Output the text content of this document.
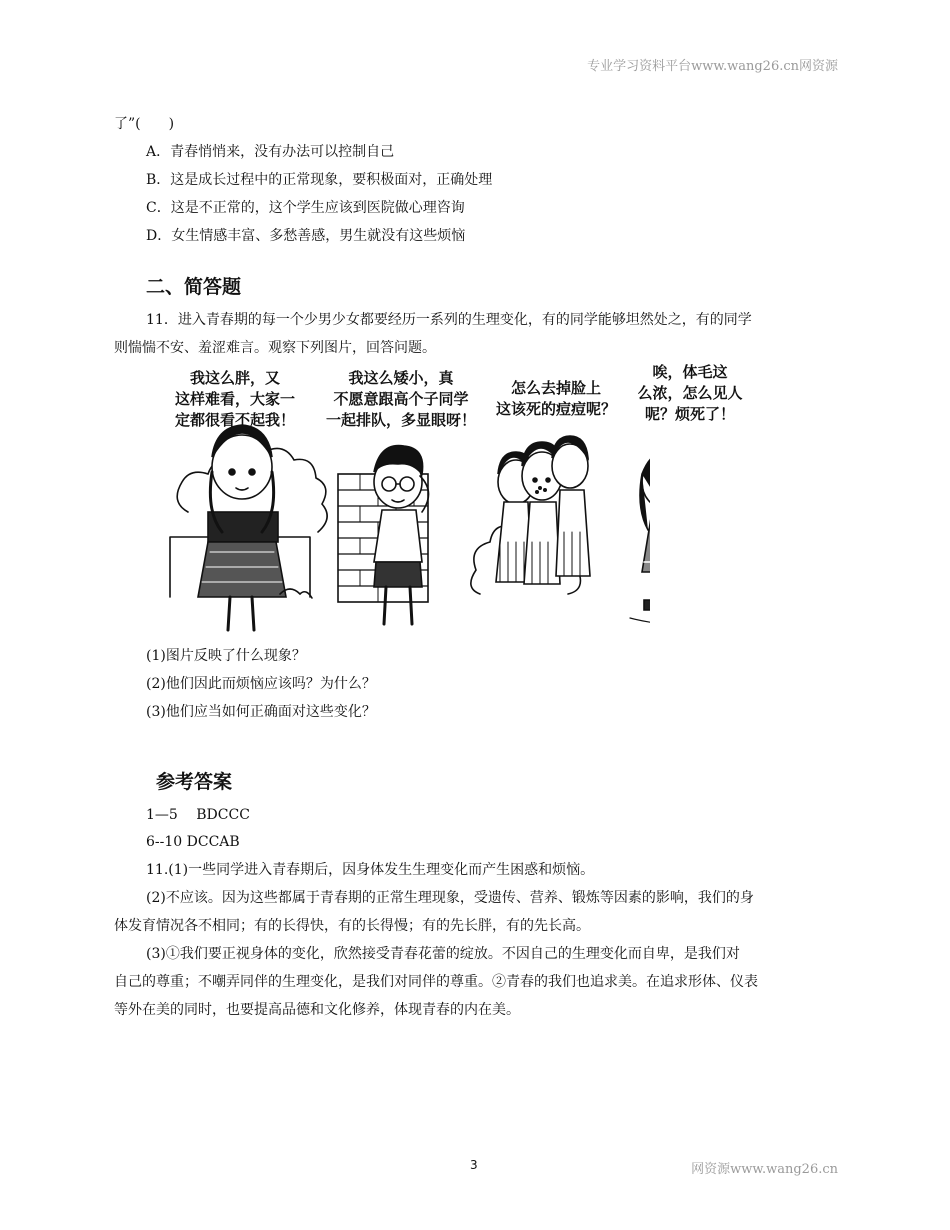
专业学习资料平台www.wang26.cn网资源
了”(　　)
A．青春悄悄来，没有办法可以控制自己
B．这是成长过程中的正常现象，要积极面对，正确处理
C．这是不正常的，这个学生应该到医院做心理咨询
D．女生情感丰富、多愁善感，男生就没有这些烦恼
二、简答题
11．进入青春期的每一个少男少女都要经历一系列的生理变化，有的同学能够坦然处之，有的同学
则惴惴不安、羞涩难言。观察下列图片，回答问题。
我这么胖，又
这样难看，大家一
定都很看不起我！
我这么矮小，真
不愿意跟高个子同学
一起排队，多显眼呀！
怎么去掉脸上
这该死的痘痘呢？
唉，体毛这
么浓，怎么见人
呢？烦死了！
(1)图片反映了什么现象？
(2)他们因此而烦恼应该吗？为什么？
(3)他们应当如何正确面对这些变化？
参考答案
1—5　 BDCCC
6--10 DCCAB
11.(1)一些同学进入青春期后，因身体发生生理变化而产生困惑和烦恼。
(2)不应该。因为这些都属于青春期的正常生理现象，受遗传、营养、锻炼等因素的影响，我们的身
体发育情况各不相同；有的长得快，有的长得慢；有的先长胖，有的先长高。
(3)①我们要正视身体的变化，欣然接受青春花蕾的绽放。不因自己的生理变化而自卑，是我们对
自己的尊重；不嘲弄同伴的生理变化，是我们对同伴的尊重。②青春的我们也追求美。在追求形体、仪表
等外在美的同时，也要提高品德和文化修养，体现青春的内在美。
3	网资源www.wang26.cn
